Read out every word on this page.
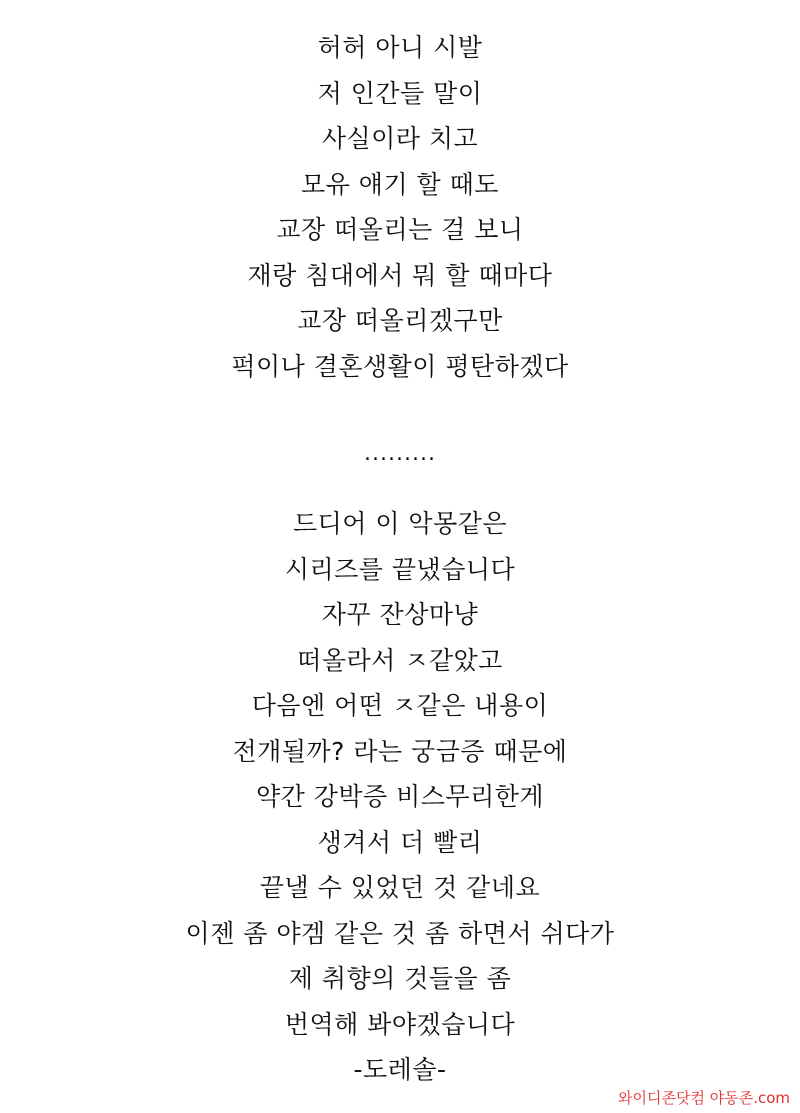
허허 아니 시발
저 인간들 말이
사실이라 치고
모유 얘기 할 때도
교장 떠올리는 걸 보니
재랑 침대에서 뭐 할 때마다
교장 떠올리겠구만
퍽이나 결혼생활이 평탄하겠다
.........
드디어 이 악몽같은
시리즈를 끝냈습니다
자꾸 잔상마냥
떠올라서 ㅈ같았고
다음엔 어떤 ㅈ같은 내용이
전개될까? 라는 궁금증 때문에
약간 강박증 비스무리한게
생겨서 더 빨리
끝낼 수 있었던 것 같네요
이젠 좀 야겜 같은 것 좀 하면서 쉬다가
제 취향의 것들을 좀
번역해 봐야겠습니다
-도레솔-
와이디존닷컴 야동존.com
